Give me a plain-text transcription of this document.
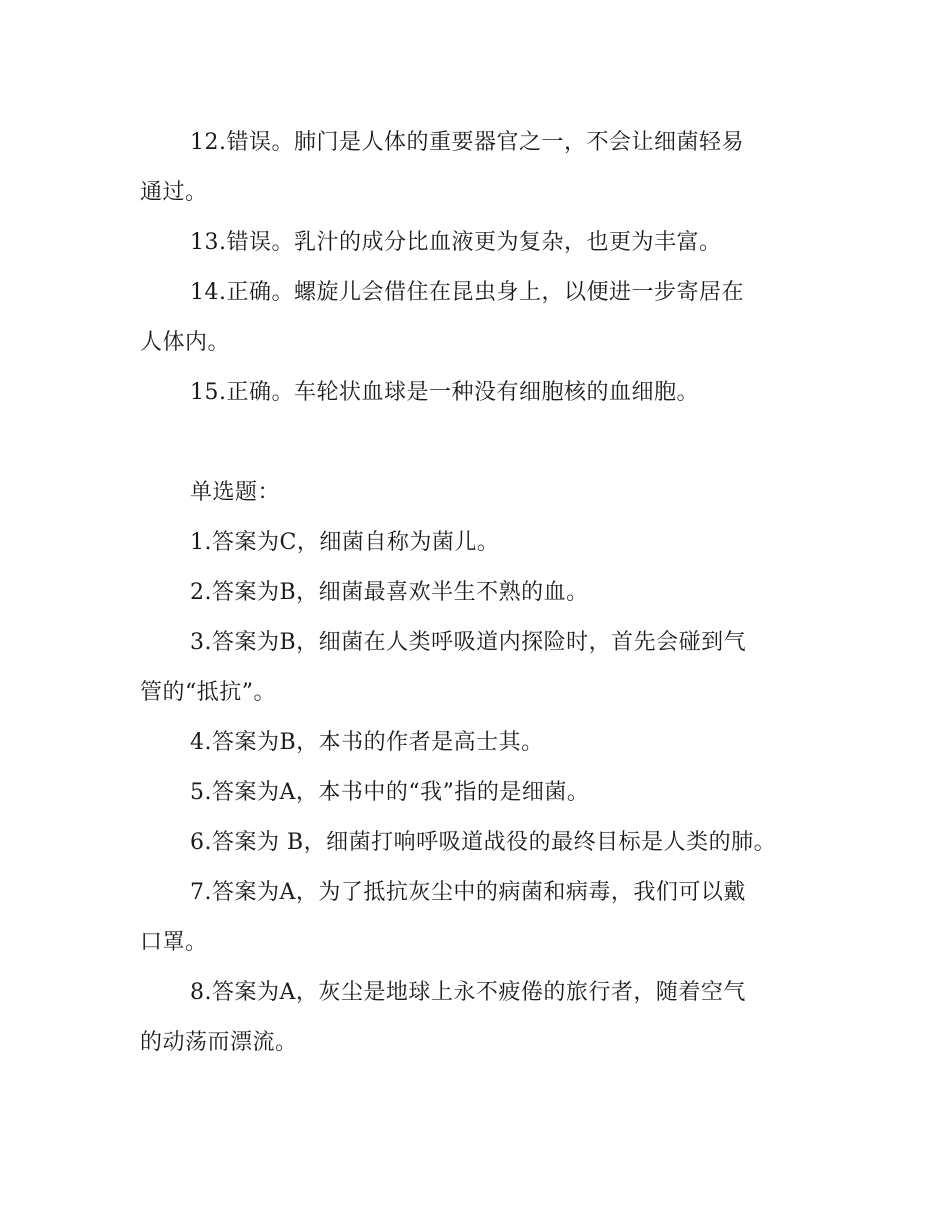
12.错误。肺门是人体的重要器官之一，不会让细菌轻易
通过。

13.错误。乳汁的成分比血液更为复杂，也更为丰富。

14.正确。螺旋儿会借住在昆虫身上，以便进一步寄居在
人体内。

15.正确。车轮状血球是一种没有细胞核的血细胞。

单选题：

1.答案为C，细菌自称为菌儿。

2.答案为B，细菌最喜欢半生不熟的血。

3.答案为B，细菌在人类呼吸道内探险时，首先会碰到气
管的“抵抗”。

4.答案为B，本书的作者是高士其。

5.答案为A，本书中的“我”指的是细菌。

6.答案为 B，细菌打响呼吸道战役的最终目标是人类的肺。

7.答案为A，为了抵抗灰尘中的病菌和病毒，我们可以戴
口罩。

8.答案为A，灰尘是地球上永不疲倦的旅行者，随着空气
的动荡而漂流。
